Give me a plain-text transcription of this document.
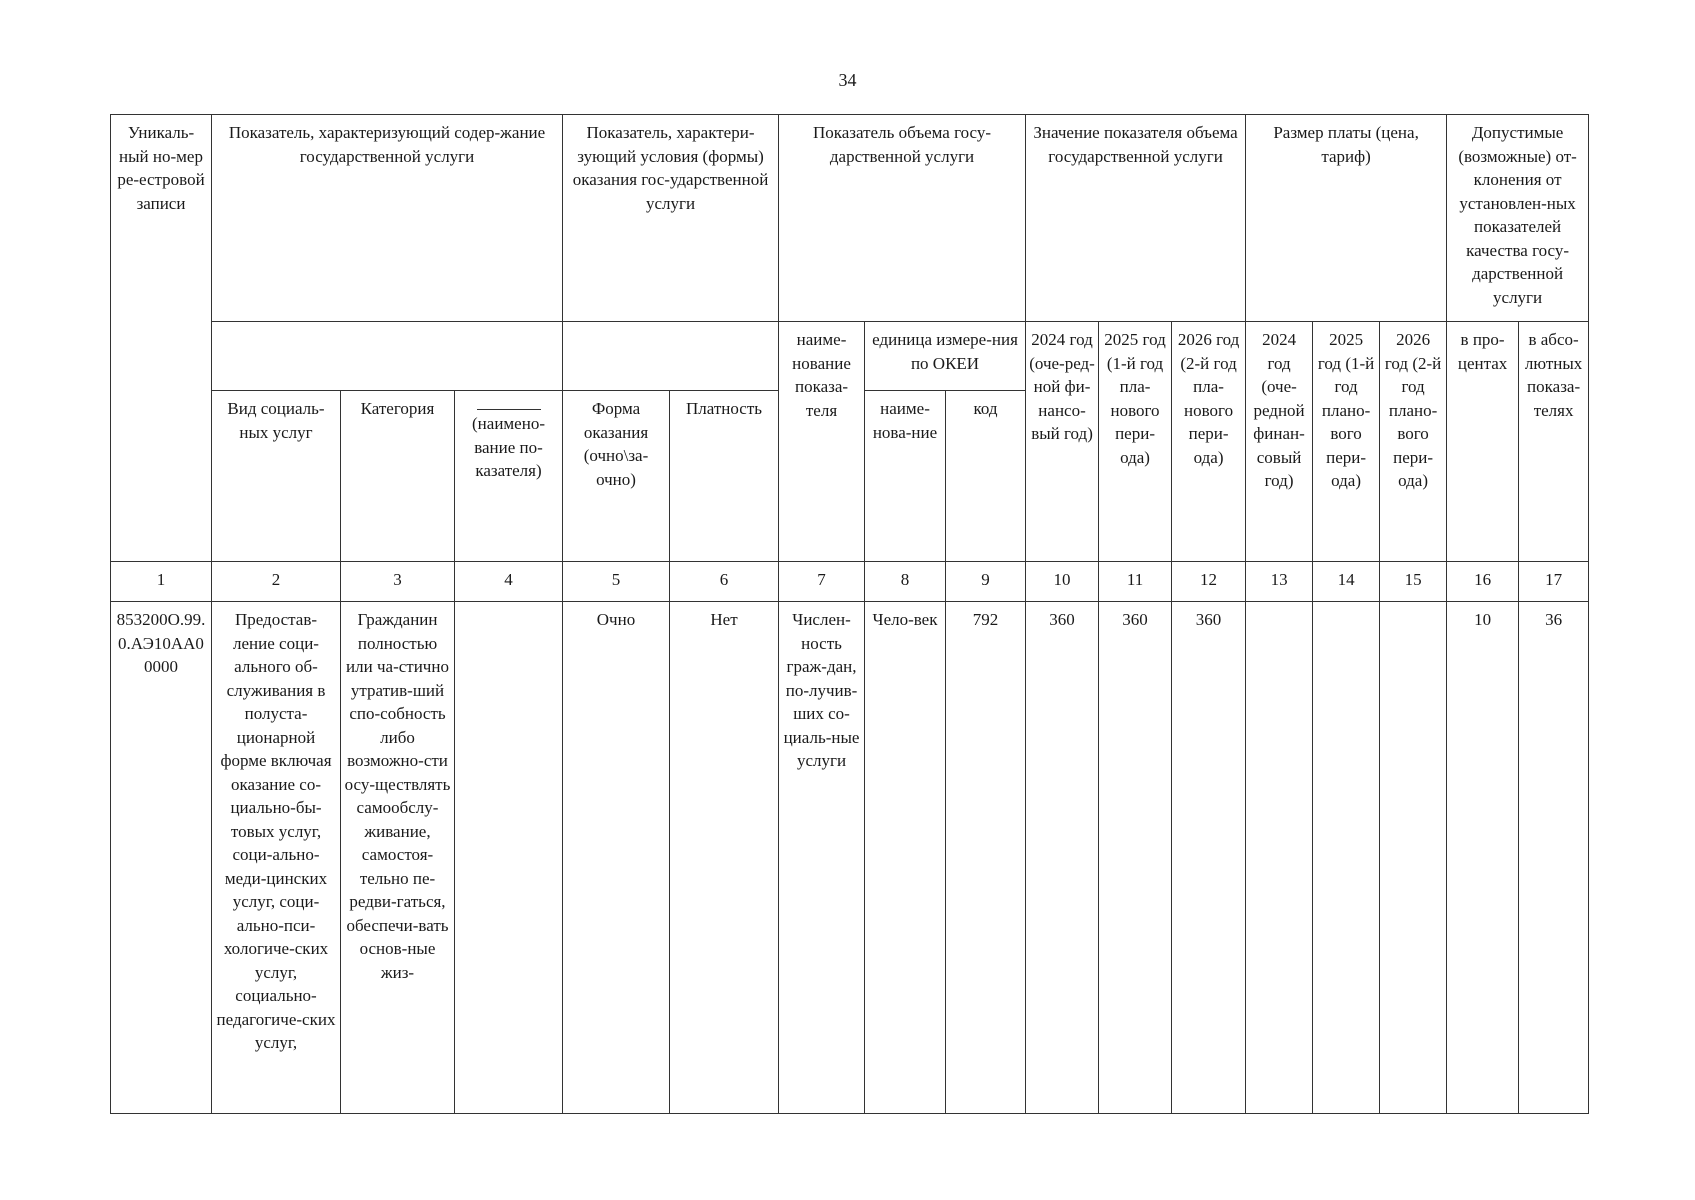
34
Уникаль-ный но-мер ре-естровой записи	Показатель, характеризующий содер-жание государственной услуги			Показатель, характери-зующий условия (формы) оказания гос-ударственной услуги		Показатель объема госу-дарственной услуги			Значение показателя объема государственной услуги			Размер платы (цена, тариф)			Допустимые (возможные) от-клонения от установлен-ных показателей качества госу-дарственной услуги	
						наиме-нование показа-теля	единица измере-ния по ОКЕИ		2024 год (оче-ред-ной фи-нансо-вый год)	2025 год (1-й год пла-нового пери-ода)	2026 год (2-й год пла-нового пери-ода)	2024 год (оче-редной финан-совый год)	2025 год (1-й год плано-вого пери-ода)	2026 год (2-й год плано-вого пери-ода)	в про-центах	в абсо-лютных показа-телях
	Вид социаль-ных услуг	Категория	(наимено-вание по-казателя)	Форма оказания (очно\за-очно)	Платность		наиме-нова-ние	код								
1	2	3	4	5	6	7	8	9	10	11	12	13	14	15	16	17
853200О.99.0.АЭ10АА00000	Предостав-ление соци-ального об-служивания в полуста-ционарной форме включая оказание со-циально-бы-товых услуг, соци-ально-меди-цинских услуг, соци-ально-пси-хологиче-ских услуг, социально-педагогиче-ских услуг,	Гражданин полностью или ча-стично утратив-ший спо-собность либо возможно-сти осу-ществлять самообслу-живание, самостоя-тельно пе-редви-гаться, обеспечи-вать основ-ные жиз-		Очно	Нет	Числен-ность граж-дан, по-лучив-ших со-циаль-ные услуги	Чело-век	792	360	360	360				10	36
